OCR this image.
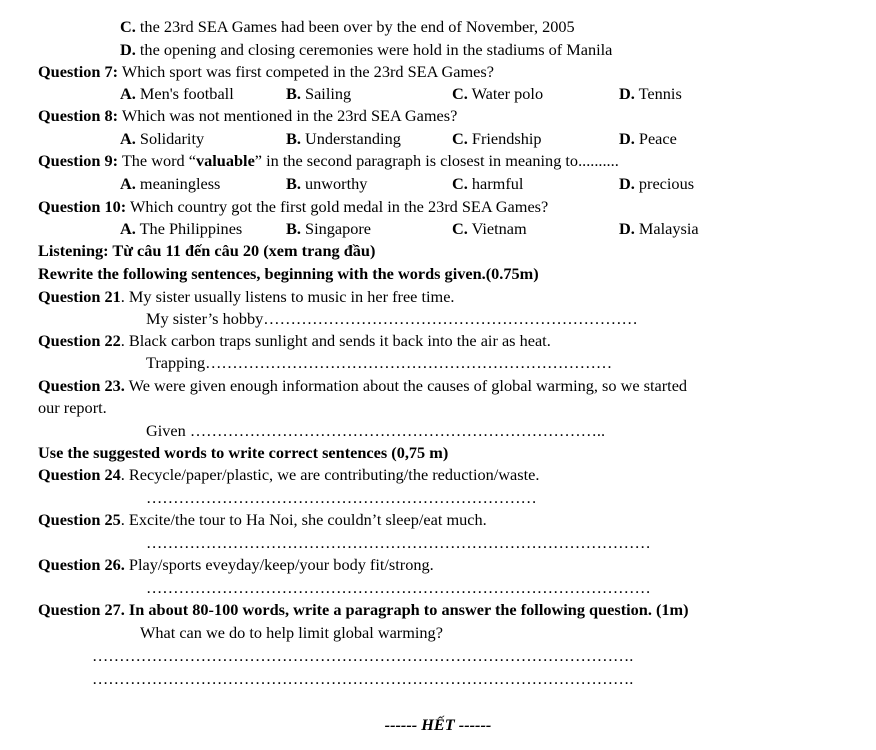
C. the 23rd SEA Games had been over by the end of November, 2005
D. the opening and closing ceremonies were hold in the stadiums of Manila
Question 7: Which sport was first competed in the 23rd SEA Games?
A. Men's football	B. Sailing	C. Water polo	D. Tennis
Question 8: Which was not mentioned in the 23rd SEA Games?
A. Solidarity	B. Understanding	C. Friendship	D. Peace
Question 9: The word “valuable” in the second paragraph is closest in meaning to..........
A. meaningless	B. unworthy	C. harmful	D. precious
Question 10: Which country got the first gold medal in the 23rd SEA Games?
A. The Philippines	B. Singapore	C. Vietnam	D. Malaysia
Listening: Từ câu 11 đến câu 20 (xem trang đầu)
Rewrite the following sentences, beginning with the words given.(0.75m)
Question 21. My sister usually listens to music in her free time.
My sister’s hobby……………………………………………………………
Question 22. Black carbon traps sunlight and sends it back into the air as heat.
Trapping…………………………………………………………………
Question 23. We were given enough information about the causes of global warming, so we started
our report.
Given …………………………………………………………………..
Use the suggested words to write correct sentences (0,75 m)
Question 24. Recycle/paper/plastic, we are contributing/the reduction/waste.
………………………………………………………………
Question 25. Excite/the tour to Ha Noi, she couldn’t sleep/eat much.
…………………………………………………………………………………
Question 26. Play/sports eveyday/keep/your body fit/strong.
…………………………………………………………………………………
Question 27. In about 80-100 words, write a paragraph to answer the following question. (1m)
What can we do to help limit global warming?
……………………………………………………………………………………….
……………………………………………………………………………………….
------ HẾT ------
